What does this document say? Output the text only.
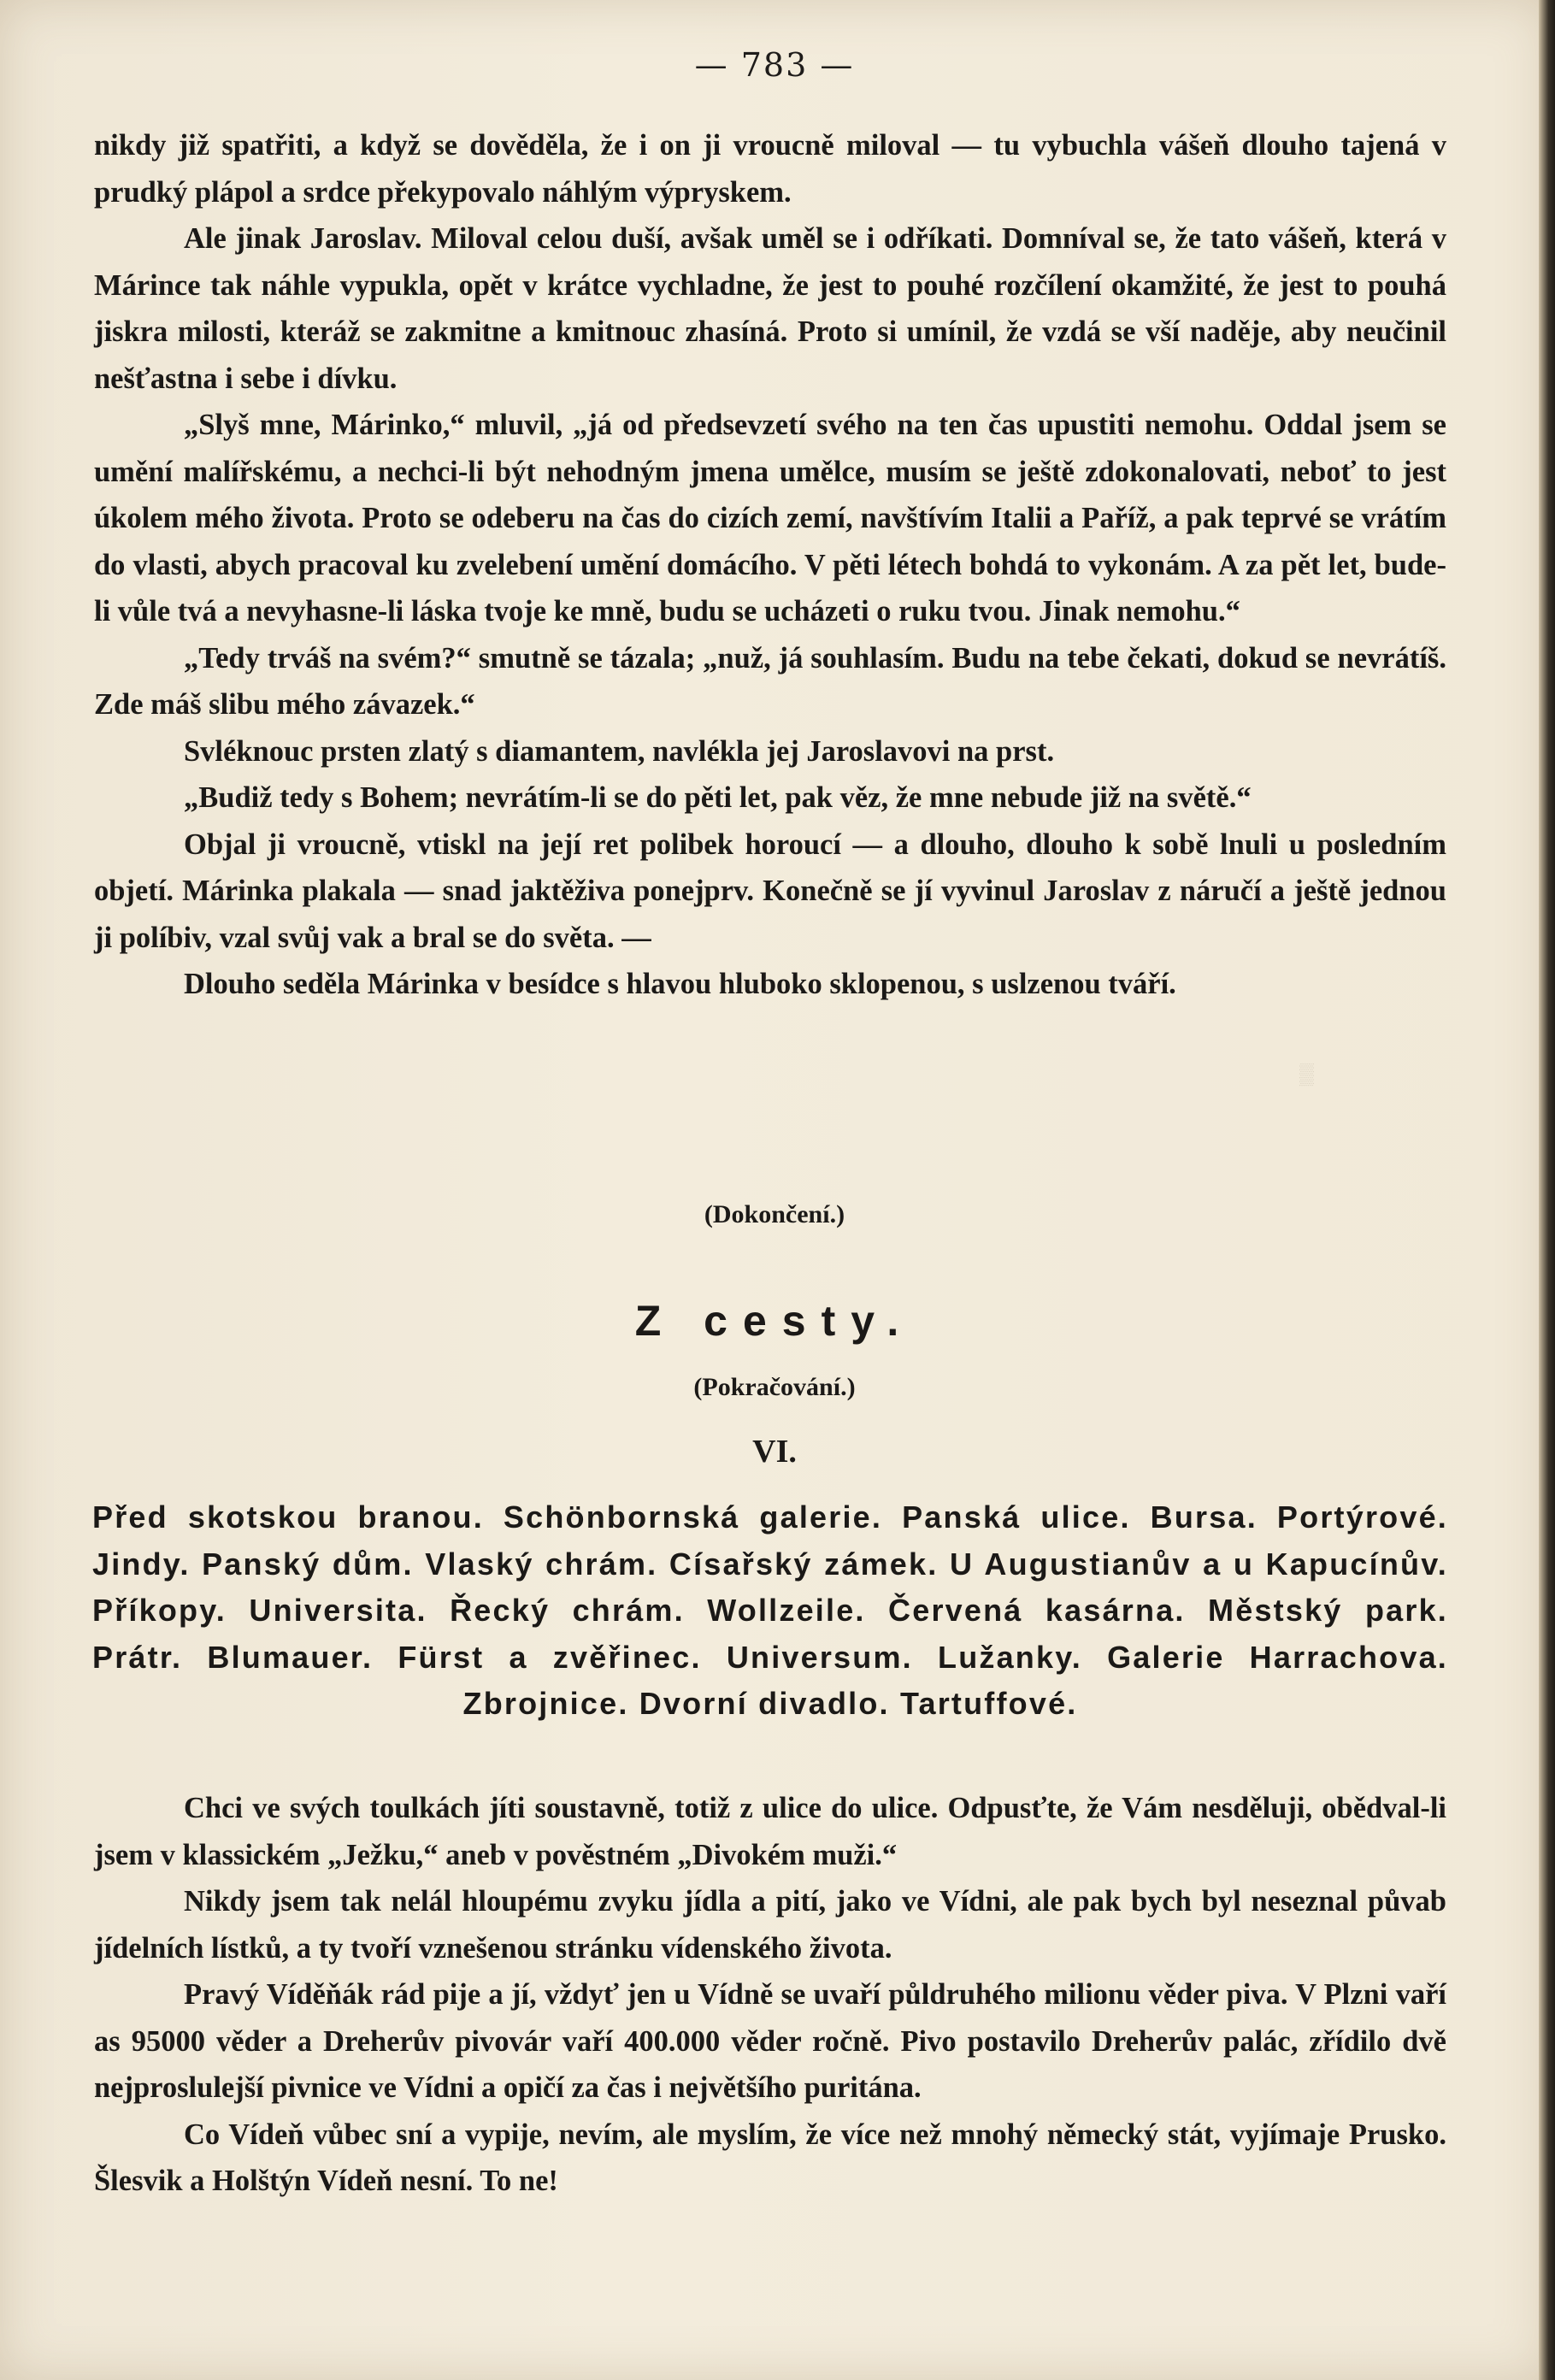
▒
— 783 —

nikdy již spatřiti, a když se dověděla, že i on ji vroucně miloval — tu vybuchla vášeň dlouho tajená v prudký plápol a srdce překypovalo náhlým výpryskem.

Ale jinak Jaroslav. Miloval celou duší, avšak uměl se i odříkati. Domníval se, že tato vášeň, která v Márince tak náhle vypukla, opět v krátce vychladne, že jest to pouhé rozčílení okamžité, že jest to pouhá jiskra milosti, kteráž se zakmitne a kmitnouc zhasíná. Proto si umínil, že vzdá se vší naděje, aby neučinil nešťastna i sebe i dívku.

„Slyš mne, Márinko,“ mluvil, „já od předsevzetí svého na ten čas upustiti nemohu. Oddal jsem se umění malířskému, a nechci-li být nehodným jmena umělce, musím se ještě zdokonalovati, neboť to jest úkolem mého života. Proto se odeberu na čas do cizích zemí, navštívím Italii a Paříž, a pak teprvé se vrátím do vlasti, abych pracoval ku zvelebení umění domácího. V pěti létech bohdá to vykonám. A za pět let, bude-li vůle tvá a nevyhasne-li láska tvoje ke mně, budu se ucházeti o ruku tvou. Jinak nemohu.“

„Tedy trváš na svém?“ smutně se tázala; „nuž, já souhlasím. Budu na tebe čekati, dokud se nevrátíš. Zde máš slibu mého závazek.“

Svléknouc prsten zlatý s diamantem, navlékla jej Jaroslavovi na prst.

„Budiž tedy s Bohem; nevrátím-li se do pěti let, pak věz, že mne nebude již na světě.“

Objal ji vroucně, vtiskl na její ret polibek horoucí — a dlouho, dlouho k sobě lnuli u posledním objetí. Márinka plakala — snad jaktěživa ponejprv. Konečně se jí vyvinul Jaroslav z náručí a ještě jednou ji políbiv, vzal svůj vak a bral se do světa. —

Dlouho seděla Márinka v besídce s hlavou hluboko sklopenou, s uslzenou tváří.

(Dokončení.)
Z cesty.
(Pokračování.)
VI.
Před skotskou branou. Schönbornská galerie. Panská ulice. Bursa. Portýrové. Jindy. Panský dům. Vlaský chrám. Císařský zámek. U Augustianův a u Kapucínův. Příkopy. Universita. Řecký chrám. Wollzeile. Červená kasárna. Městský park. Prátr. Blumauer. Fürst a zvěřinec. Universum. Lužanky. Galerie Harrachova. Zbrojnice. Dvorní divadlo. Tartuffové.

Chci ve svých toulkách jíti soustavně, totiž z ulice do ulice. Odpusťte, že Vám nesděluji, obědval-li jsem v klassickém „Ježku,“ aneb v pověstném „Divokém muži.“

Nikdy jsem tak nelál hloupému zvyku jídla a pití, jako ve Vídni, ale pak bych byl neseznal půvab jídelních lístků, a ty tvoří vznešenou stránku vídenského života.

Pravý Víděňák rád pije a jí, vždyť jen u Vídně se uvaří půldruhého milionu věder piva. V Plzni vaří as 95000 věder a Dreherův pivovár vaří 400.000 věder ročně. Pivo postavilo Dreherův palác, zřídilo dvě nejproslulejší pivnice ve Vídni a opičí za čas i největšího puritána.

Co Vídeň vůbec sní a vypije, nevím, ale myslím, že více než mnohý německý stát, vyjímaje Prusko. Šlesvik a Holštýn Vídeň nesní. To ne!
